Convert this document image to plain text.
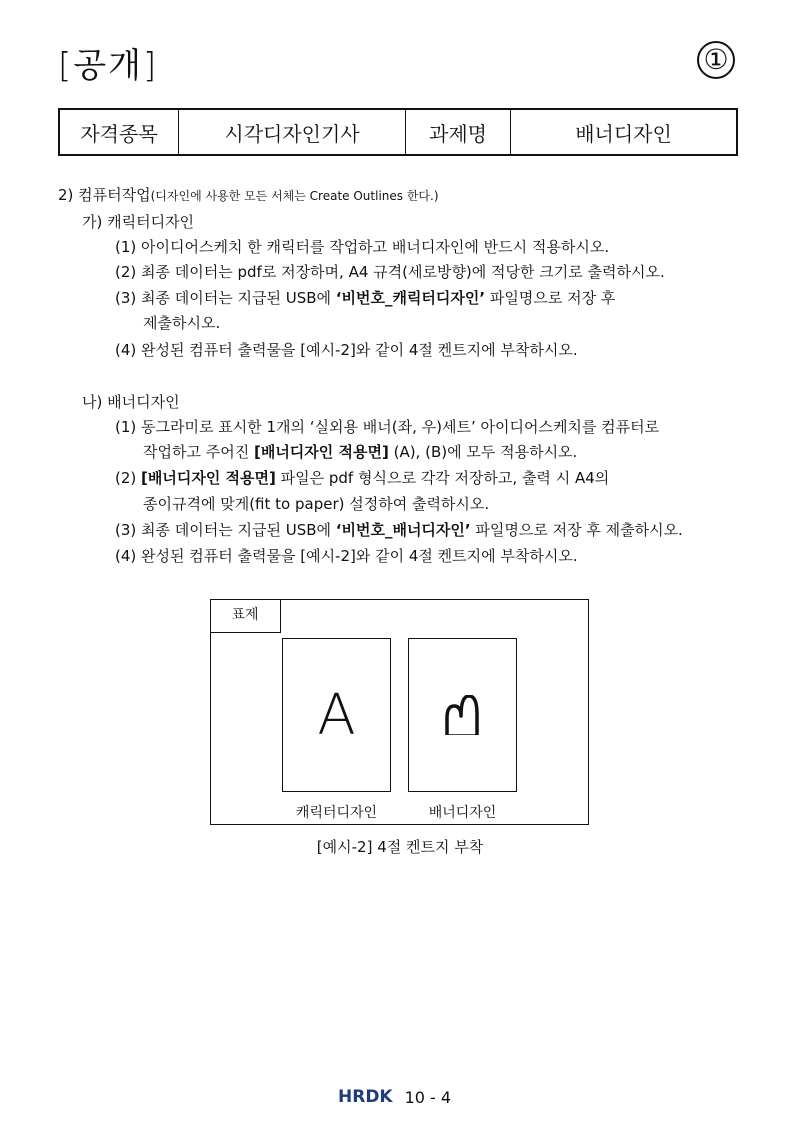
[공개]	①
자격종목	시각디자인기사	과제명	배너디자인
2) 컴퓨터작업(디자인에 사용한 모든 서체는 Create Outlines 한다.)
가) 캐릭터디자인
(1) 아이디어스케치 한 캐릭터를 작업하고 배너디자인에 반드시 적용하시오.
(2) 최종 데이터는 pdf로 저장하며, A4 규격(세로방향)에 적당한 크기로 출력하시오.
(3) 최종 데이터는 지급된 USB에 ‘비번호_캐릭터디자인’ 파일명으로 저장 후
제출하시오.
(4) 완성된 컴퓨터 출력물을 [예시-2]와 같이 4절 켄트지에 부착하시오.
나) 배너디자인
(1) 동그라미로 표시한 1개의 ‘실외용 배너(좌, 우)세트’ 아이디어스케치를 컴퓨터로
작업하고 주어진 [배너디자인 적용면] (A), (B)에 모두 적용하시오.
(2) [배너디자인 적용면] 파일은 pdf 형식으로 각각 저장하고, 출력 시 A4의
종이규격에 맞게(fit to paper) 설정하여 출력하시오.
(3) 최종 데이터는 지급된 USB에 ‘비번호_배너디자인’ 파일명으로 저장 후 제출하시오.
(4) 완성된 컴퓨터 출력물을 [예시-2]와 같이 4절 켄트지에 부착하시오.
표제
A
캐릭터디자인	배너디자인
[예시-2] 4절 켄트지 부착
HRDK 10 - 4
